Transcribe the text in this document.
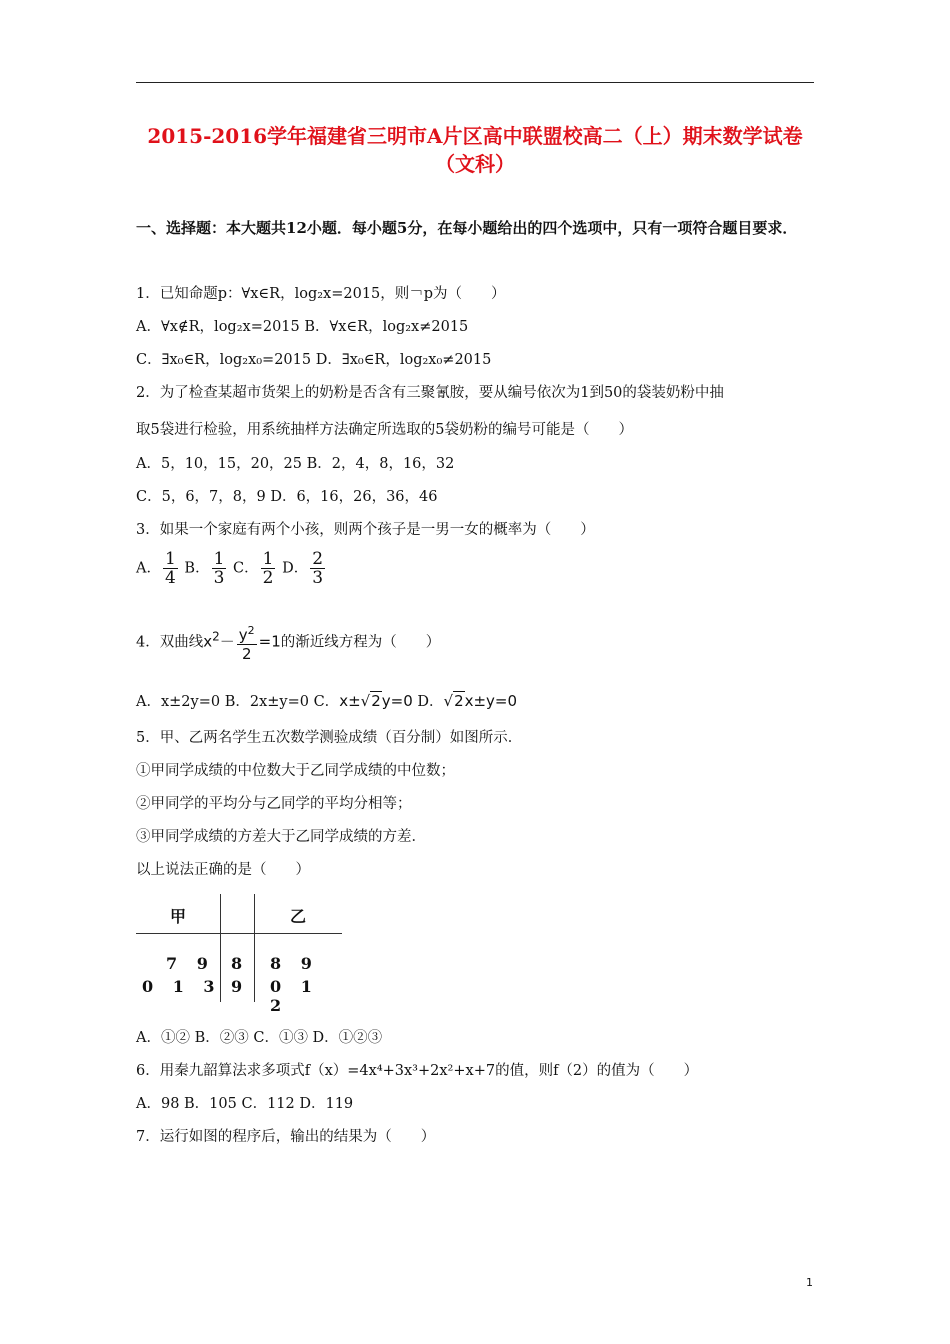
2015-2016学年福建省三明市A片区高中联盟校高二（上）期末数学试卷（文科）
一、选择题：本大题共12小题．每小题5分，在每小题给出的四个选项中，只有一项符合题目要求．
1．已知命题p：∀x∈R，log₂x=2015，则￢p为（　　）
A．∀x∉R，log₂x=2015 B．∀x∈R，log₂x≠2015
C．∃x₀∈R，log₂x₀=2015 D．∃x₀∈R，log₂x₀≠2015
2．为了检查某超市货架上的奶粉是否含有三聚氰胺，要从编号依次为1到50的袋装奶粉中抽
取5袋进行检验，用系统抽样方法确定所选取的5袋奶粉的编号可能是（　　）
A．5，10，15，20，25 B．2，4，8，16，32
C．5，6，7，8，9 D．6，16，26，36，46
3．如果一个家庭有两个小孩，则两个孩子是一男一女的概率为（　　）
A． $\frac{1}{4}$ B． $\frac{1}{3}$ C． $\frac{1}{2}$ D． $\frac{2}{3}$
4．双曲线$x^2- \frac{y^2}{2} =1$的渐近线方程为（　　）
A．x±2y=0 B．2x±y=0 C．x±√2y=0 D．√2x±y=0
5．甲、乙两名学生五次数学测验成绩（百分制）如图所示．
①甲同学成绩的中位数大于乙同学成绩的中位数；
②甲同学的平均分与乙同学的平均分相等；
③甲同学成绩的方差大于乙同学成绩的方差．
以上说法正确的是（　　）
甲	乙
7 9 8 8 9
0 1 3 9 0 1 2
A．①② B．②③ C．①③ D．①②③
6．用秦九韶算法求多项式f（x）=4x⁴+3x³+2x²+x+7的值，则f（2）的值为（　　）
A．98 B．105 C．112 D．119
7．运行如图的程序后，输出的结果为（　　）
1
